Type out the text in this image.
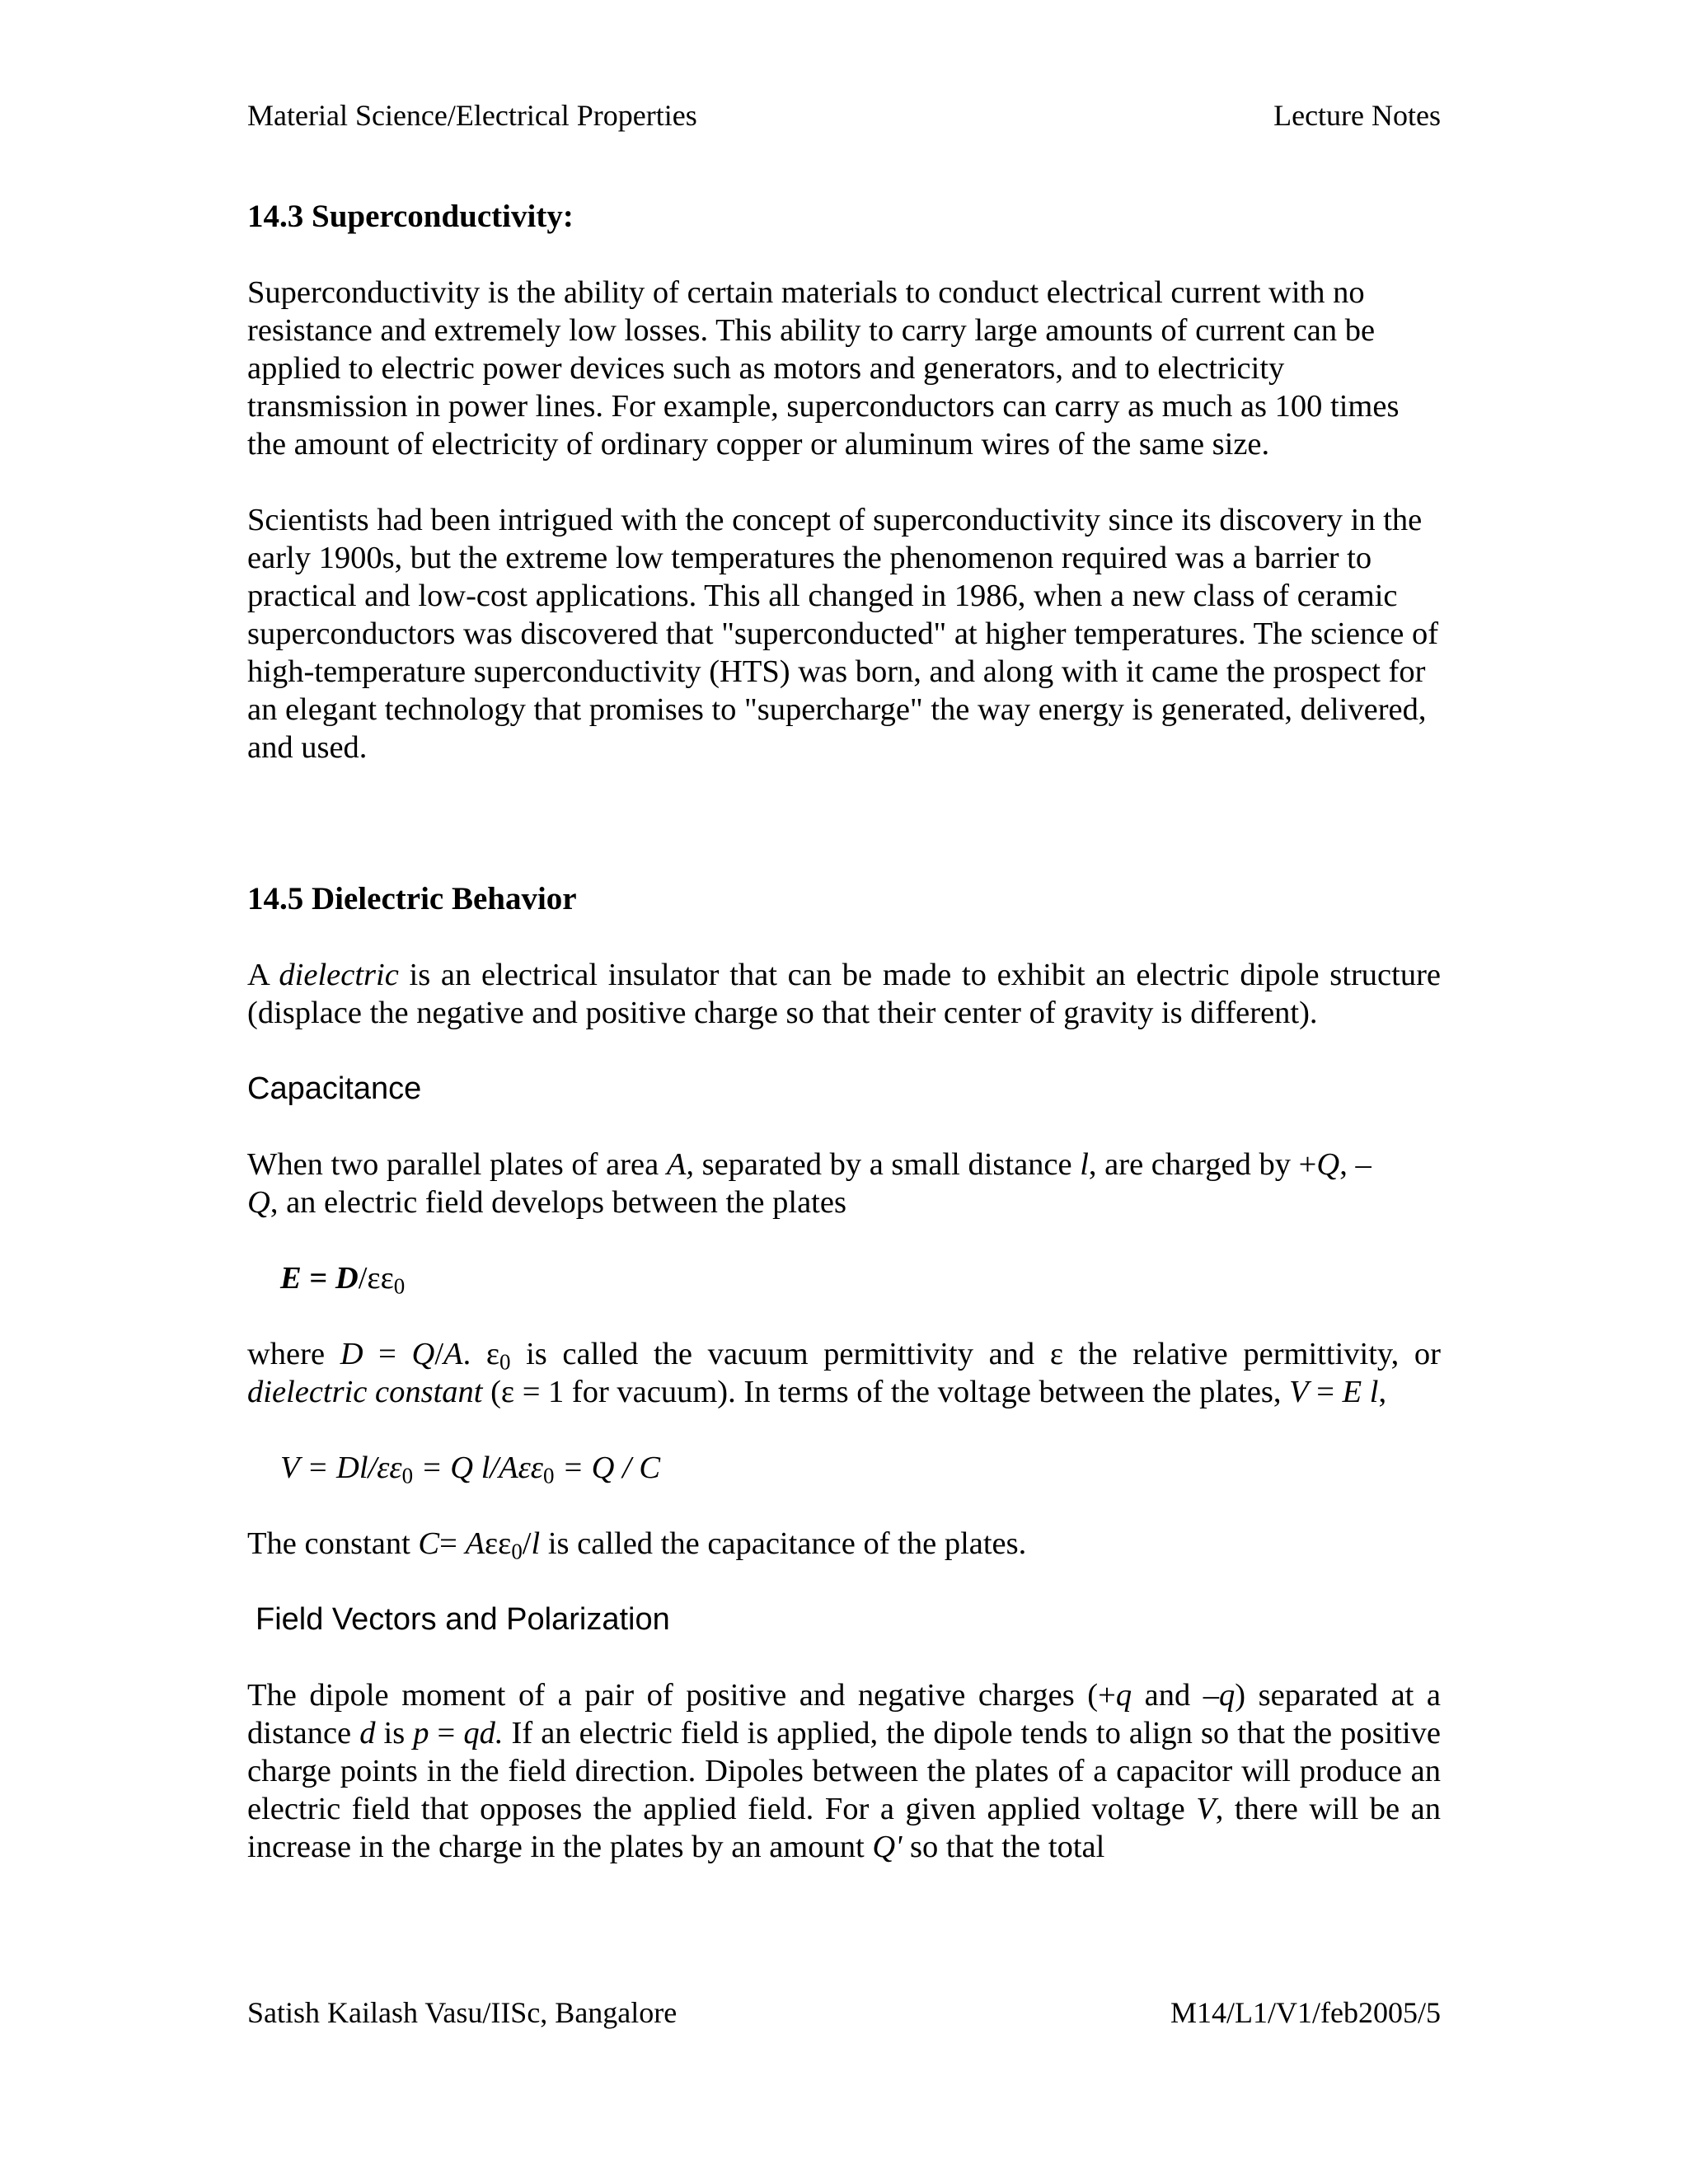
Material Science/Electrical Properties	Lecture Notes
14.3 Superconductivity:

Superconductivity is the ability of certain materials to conduct electrical current with no resistance and extremely low losses. This ability to carry large amounts of current can be applied to electric power devices such as motors and generators, and to electricity transmission in power lines. For example, superconductors can carry as much as 100 times the amount of electricity of ordinary copper or aluminum wires of the same size.

Scientists had been intrigued with the concept of superconductivity since its discovery in the early 1900s, but the extreme low temperatures the phenomenon required was a barrier to practical and low-cost applications. This all changed in 1986, when a new class of ceramic superconductors was discovered that "superconducted" at higher temperatures. The science of high-temperature superconductivity (HTS) was born, and along with it came the prospect for an elegant technology that promises to "supercharge" the way energy is generated, delivered, and used.

14.5 Dielectric Behavior

A dielectric is an electrical insulator that can be made to exhibit an electric dipole structure (displace the negative and positive charge so that their center of gravity is different).

Capacitance

When two parallel plates of area A, separated by a small distance l, are charged by +Q, –
Q, an electric field develops between the plates

$E = D/\varepsilon\varepsilon_0$

where D = Q/A. $\varepsilon_0$ is called the vacuum permittivity and ε the relative permittivity, or dielectric constant (ε = 1 for vacuum). In terms of the voltage between the plates, V = E l,

$V = Dl/\varepsilon\varepsilon_0 = Q$ l/Aεε$_0$ = Q / C

The constant C= Aεε$_0$/l is called the capacitance of the plates.

Field Vectors and Polarization

The dipole moment of a pair of positive and negative charges (+q and –q) separated at a distance d is p = qd. If an electric field is applied, the dipole tends to align so that the positive charge points in the field direction. Dipoles between the plates of a capacitor will produce an electric field that opposes the applied field. For a given applied voltage V, there will be an increase in the charge in the plates by an amount Q' so that the total

Satish Kailash Vasu/IISc, Bangalore	M14/L1/V1/feb2005/5
